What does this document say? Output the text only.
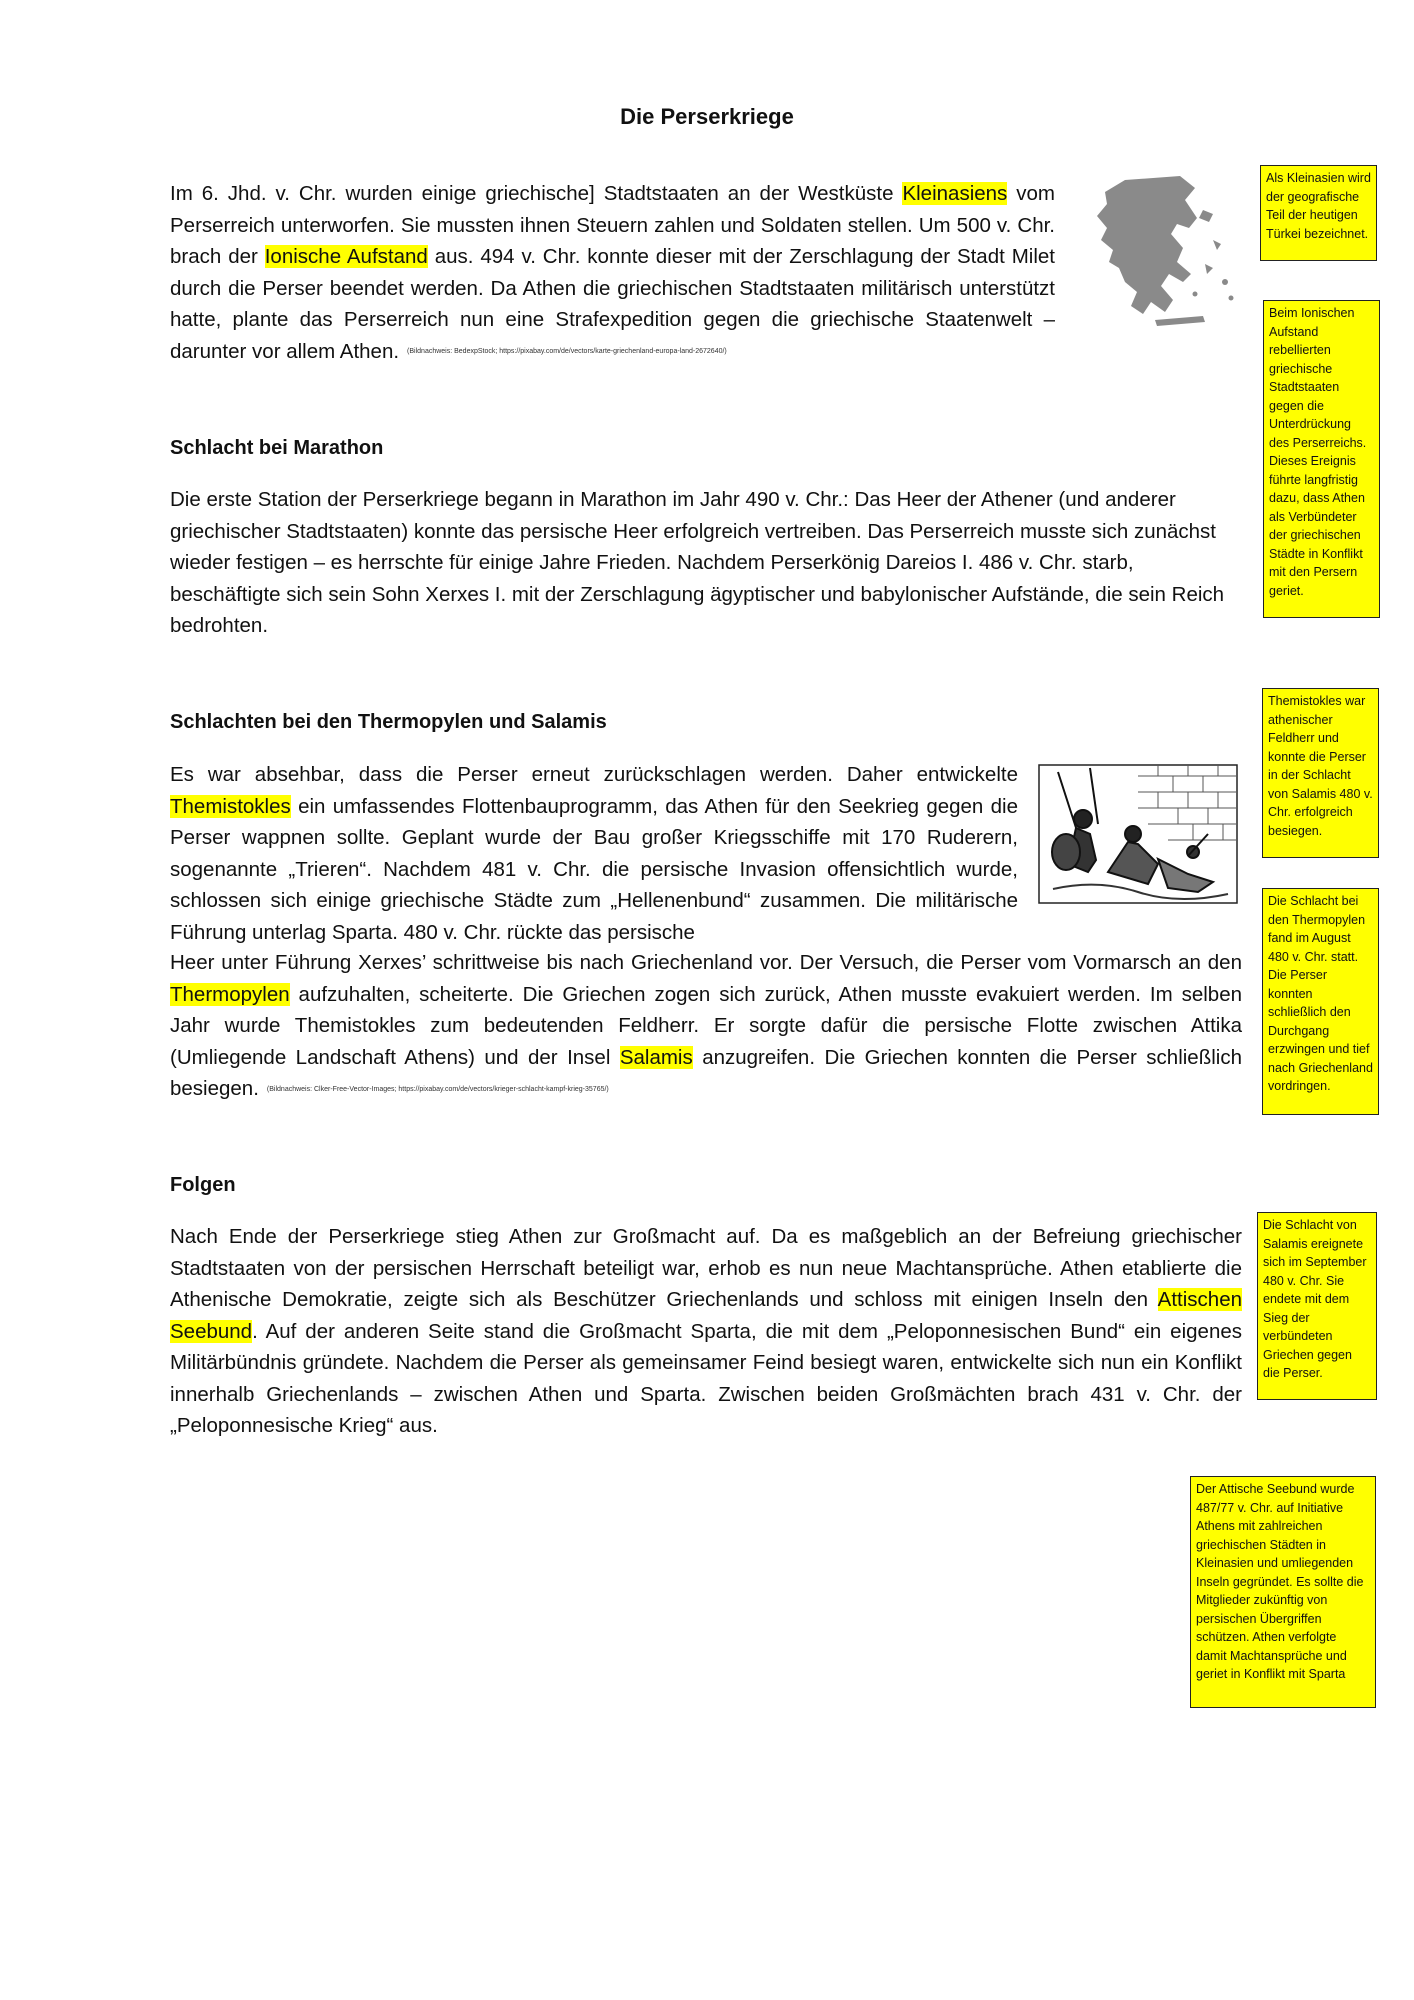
Die Perserkriege

Im 6. Jhd. v. Chr. wurden einige griechische] Stadtstaaten an der Westküste Kleinasiens vom Perserreich unterworfen. Sie mussten ihnen Steuern zahlen und Soldaten stellen. Um 500 v. Chr. brach der Ionische Aufstand aus. 494 v. Chr. konnte dieser mit der Zerschlagung der Stadt Milet durch die Perser beendet werden. Da Athen die griechischen Stadtstaaten militärisch unterstützt hatte, plante das Perserreich nun eine Strafexpedition gegen die griechische Staatenwelt – darunter vor allem Athen. (Bildnachweis: BedexpStock; https://pixabay.com/de/vectors/karte-griechenland-europa-land-2672640/)

Schlacht bei Marathon

Die erste Station der Perserkriege begann in Marathon im Jahr 490 v. Chr.: Das Heer der Athener (und anderer griechischer Stadtstaaten) konnte das persische Heer erfolgreich vertreiben. Das Perserreich musste sich zunächst wieder festigen – es herrschte für einige Jahre Frieden. Nachdem Perserkönig Dareios I. 486 v. Chr. starb, beschäftigte sich sein Sohn Xerxes I. mit der Zerschlagung ägyptischer und babylonischer Aufstände, die sein Reich bedrohten.

Schlachten bei den Thermopylen und Salamis

Es war absehbar, dass die Perser erneut zurückschlagen werden. Daher entwickelte Themistokles ein umfassendes Flottenbauprogramm, das Athen für den Seekrieg gegen die Perser wappnen sollte. Geplant wurde der Bau großer Kriegsschiffe mit 170 Ruderern, sogenannte „Trieren“. Nachdem 481 v. Chr. die persische Invasion offensichtlich wurde, schlossen sich einige griechische Städte zum „Hellenenbund“ zusammen. Die militärische Führung unterlag Sparta. 480 v. Chr. rückte das persische

Heer unter Führung Xerxes’ schrittweise bis nach Griechenland vor. Der Versuch, die Perser vom Vormarsch an den Thermopylen aufzuhalten, scheiterte. Die Griechen zogen sich zurück, Athen musste evakuiert werden. Im selben Jahr wurde Themistokles zum bedeutenden Feldherr. Er sorgte dafür die persische Flotte zwischen Attika (Umliegende Landschaft Athens) und der Insel Salamis anzugreifen. Die Griechen konnten die Perser schließlich besiegen. (Bildnachweis: Clker-Free-Vector-Images; https://pixabay.com/de/vectors/krieger-schlacht-kampf-krieg-35765/)

Folgen

Nach Ende der Perserkriege stieg Athen zur Großmacht auf. Da es maßgeblich an der Befreiung griechischer Stadtstaaten von der persischen Herrschaft beteiligt war, erhob es nun neue Machtansprüche. Athen etablierte die Athenische Demokratie, zeigte sich als Beschützer Griechenlands und schloss mit einigen Inseln den Attischen Seebund. Auf der anderen Seite stand die Großmacht Sparta, die mit dem „Peloponnesischen Bund“ ein eigenes Militärbündnis gründete. Nachdem die Perser als gemeinsamer Feind besiegt waren, entwickelte sich nun ein Konflikt innerhalb Griechenlands – zwischen Athen und Sparta. Zwischen beiden Großmächten brach 431 v. Chr. der „Peloponnesische Krieg“ aus.

Als Kleinasien wird der geografische Teil der heutigen Türkei bezeichnet.
Beim Ionischen Aufstand rebellierten griechische Stadtstaaten gegen die Unterdrückung des Perserreichs. Dieses Ereignis führte langfristig dazu, dass Athen als Verbündeter der griechischen Städte in Konflikt mit den Persern geriet.
Themistokles war athenischer Feldherr und konnte die Perser in der Schlacht von Salamis 480 v. Chr. erfolgreich besiegen.
Die Schlacht bei den Thermopylen fand im August 480 v. Chr. statt. Die Perser konnten schließlich den Durchgang erzwingen und tief nach Griechenland vordringen.
Die Schlacht von Salamis ereignete sich im September 480 v. Chr. Sie endete mit dem Sieg der verbündeten Griechen gegen die Perser.
Der Attische Seebund wurde 487/77 v. Chr. auf Initiative Athens mit zahlreichen griechischen Städten in Kleinasien und umliegenden Inseln gegründet. Es sollte die Mitglieder zukünftig von persischen Übergriffen schützen. Athen verfolgte damit Machtansprüche und geriet in Konflikt mit Sparta
